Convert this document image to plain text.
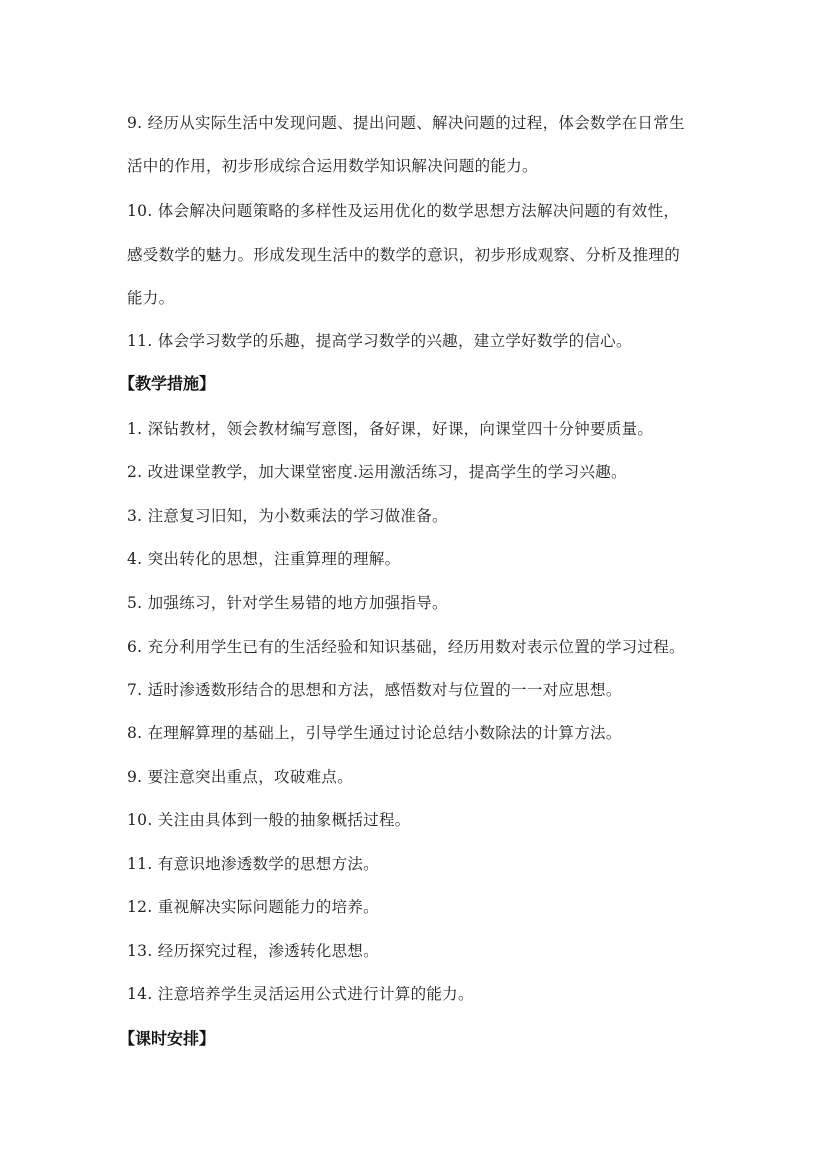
9. 经历从实际生活中发现问题、提出问题、解决问题的过程，体会数学在日常生
活中的作用，初步形成综合运用数学知识解决问题的能力。
10. 体会解决问题策略的多样性及运用优化的数学思想方法解决问题的有效性，
感受数学的魅力。形成发现生活中的数学的意识，初步形成观察、分析及推理的
能力。
11. 体会学习数学的乐趣，提高学习数学的兴趣，建立学好数学的信心。
【教学措施】
1. 深钻教材，领会教材编写意图，备好课，好课，向课堂四十分钟要质量。
2. 改进课堂教学，加大课堂密度.运用激活练习，提高学生的学习兴趣。
3. 注意复习旧知，为小数乘法的学习做准备。
4. 突出转化的思想，注重算理的理解。
5. 加强练习，针对学生易错的地方加强指导。
6. 充分利用学生已有的生活经验和知识基础，经历用数对表示位置的学习过程。
7. 适时渗透数形结合的思想和方法，感悟数对与位置的一一对应思想。
8. 在理解算理的基础上，引导学生通过讨论总结小数除法的计算方法。
9. 要注意突出重点，攻破难点。
10. 关注由具体到一般的抽象概括过程。
11. 有意识地渗透数学的思想方法。
12. 重视解决实际问题能力的培养。
13. 经历探究过程，渗透转化思想。
14. 注意培养学生灵活运用公式进行计算的能力。
【课时安排】
